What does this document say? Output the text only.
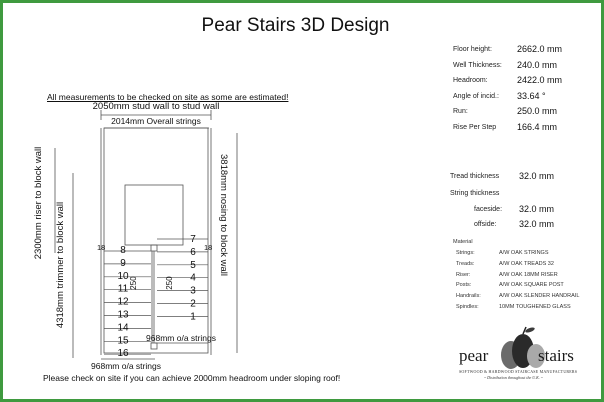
Pear Stairs 3D Design
Floor height:	2662.0 mm
Well Thickness: 240.0 mm
Headroom:	2422.0 mm
Angle of incid.: 33.64 °
Run:	250.0 mm
Rise Per Step 166.4 mm
Tread thickness 32.0 mm
String thickness
faceside: 32.0 mm
offside:	32.0 mm
Material
Strings:	A/W OAK STRINGS
Treads:	A/W OAK TREADS 32
Riser:	A/W OAK 18MM RISER
Posts:	A/W OAK SQUARE POST
Handrails:	A/W OAK SLENDER HANDRAIL
Spindles:	10MM TOUGHENED GLASS
All measurements to be checked on site as some are estimated!
Please check on site if you can achieve 2000mm headroom under sloping roof!
8
9
10
11
12
13
14
15
16
7
6
5
4
3
2
1
2050mm stud wall to stud wall
2014mm Overall strings
2300mm riser to block wall 4318mm trimmer to block wall	3818mm nosing to block wall
18	18
250	250
968mm o/a strings
968mm o/a strings
pear	stairs
SOFTWOOD & HARDWOOD STAIRCASE MANUFACTURERS
~ Distribution throughout the U.K. ~
